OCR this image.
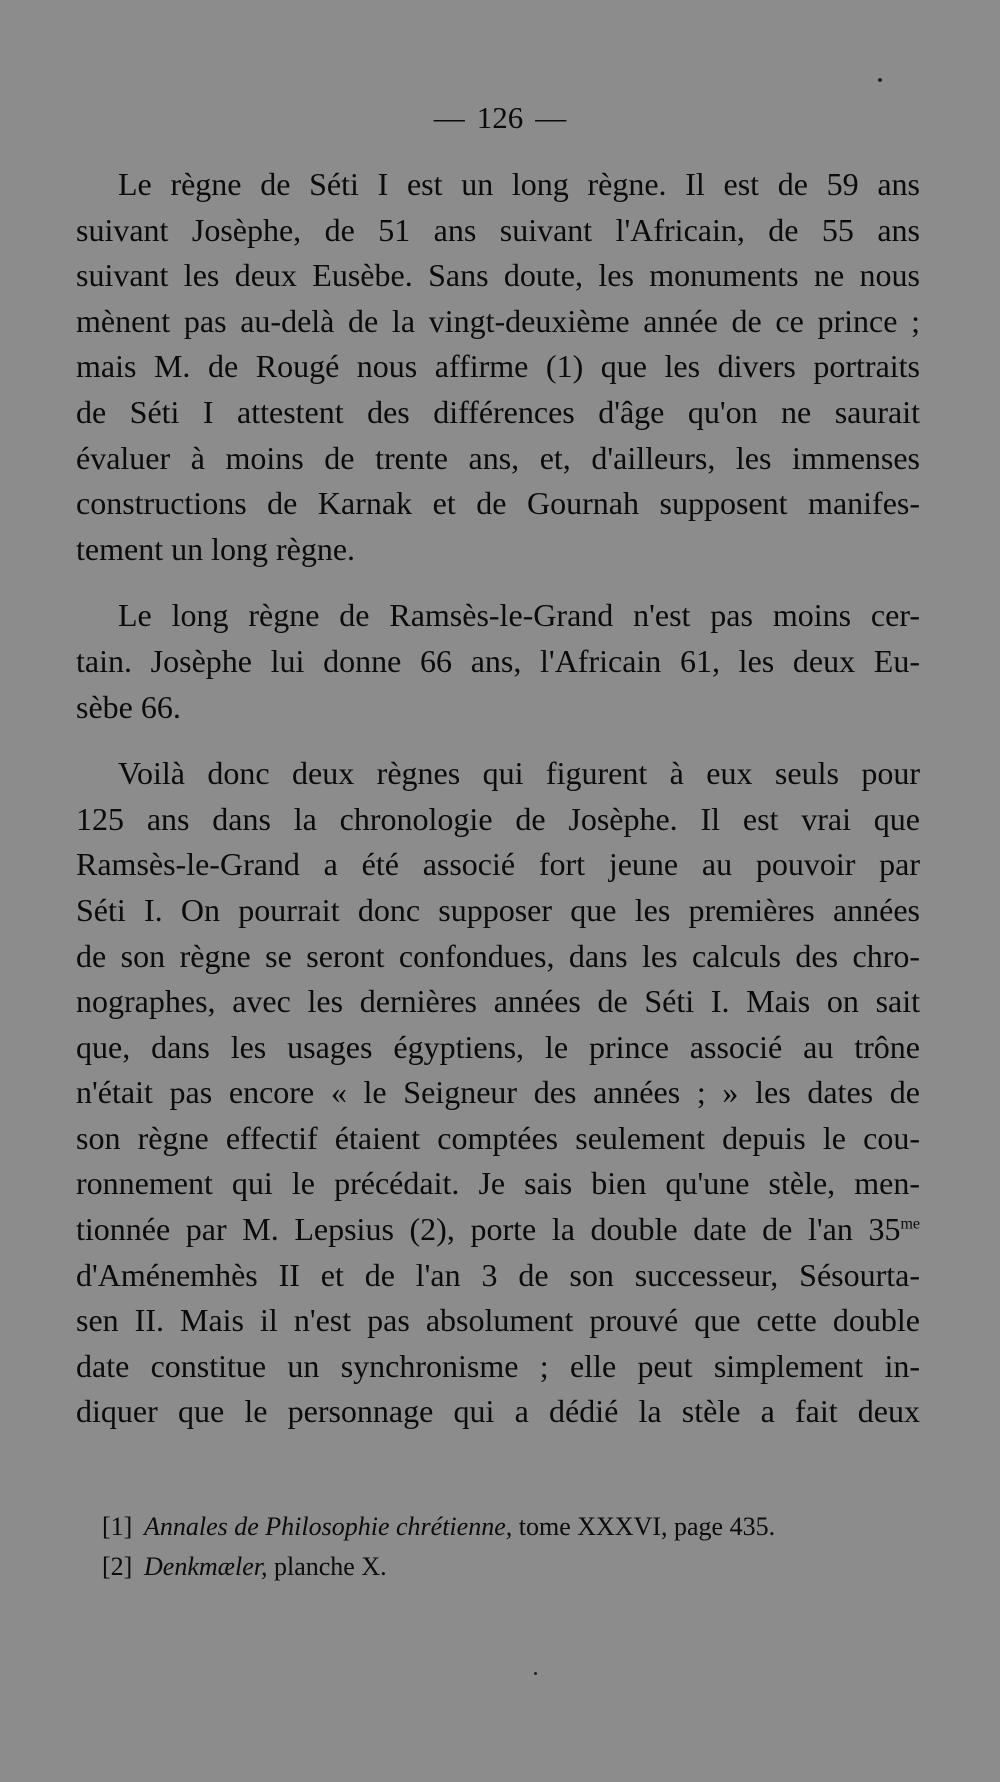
— 126 —
Le règne de Séti I est un long règne. Il est de 59 ans
suivant Josèphe, de 51 ans suivant l'Africain, de 55 ans
suivant les deux Eusèbe. Sans doute, les monuments ne nous
mènent pas au-delà de la vingt-deuxième année de ce prince ;
mais M. de Rougé nous affirme (1) que les divers portraits
de Séti I attestent des différences d'âge qu'on ne saurait
évaluer à moins de trente ans, et, d'ailleurs, les immenses
constructions de Karnak et de Gournah supposent manifes-
tement un long règne.
Le long règne de Ramsès-le-Grand n'est pas moins cer-
tain. Josèphe lui donne 66 ans, l'Africain 61, les deux Eu-
sèbe 66.
Voilà donc deux règnes qui figurent à eux seuls pour
125 ans dans la chronologie de Josèphe. Il est vrai que
Ramsès-le-Grand a été associé fort jeune au pouvoir par
Séti I. On pourrait donc supposer que les premières années
de son règne se seront confondues, dans les calculs des chro-
nographes, avec les dernières années de Séti I. Mais on sait
que, dans les usages égyptiens, le prince associé au trône
n'était pas encore « le Seigneur des années ; » les dates de
son règne effectif étaient comptées seulement depuis le cou-
ronnement qui le précédait. Je sais bien qu'une stèle, men-
tionnée par M. Lepsius (2), porte la double date de l'an $35^{me}$
d'Aménemhès II et de l'an 3 de son successeur, Sésourta-
sen II. Mais il n'est pas absolument prouvé que cette double
date constitue un synchronisme ; elle peut simplement in-
diquer que le personnage qui a dédié la stèle a fait deux
[1] Annales de Philosophie chrétienne, tome XXXVI, page 435.
[2] Denkmæler, planche X.
